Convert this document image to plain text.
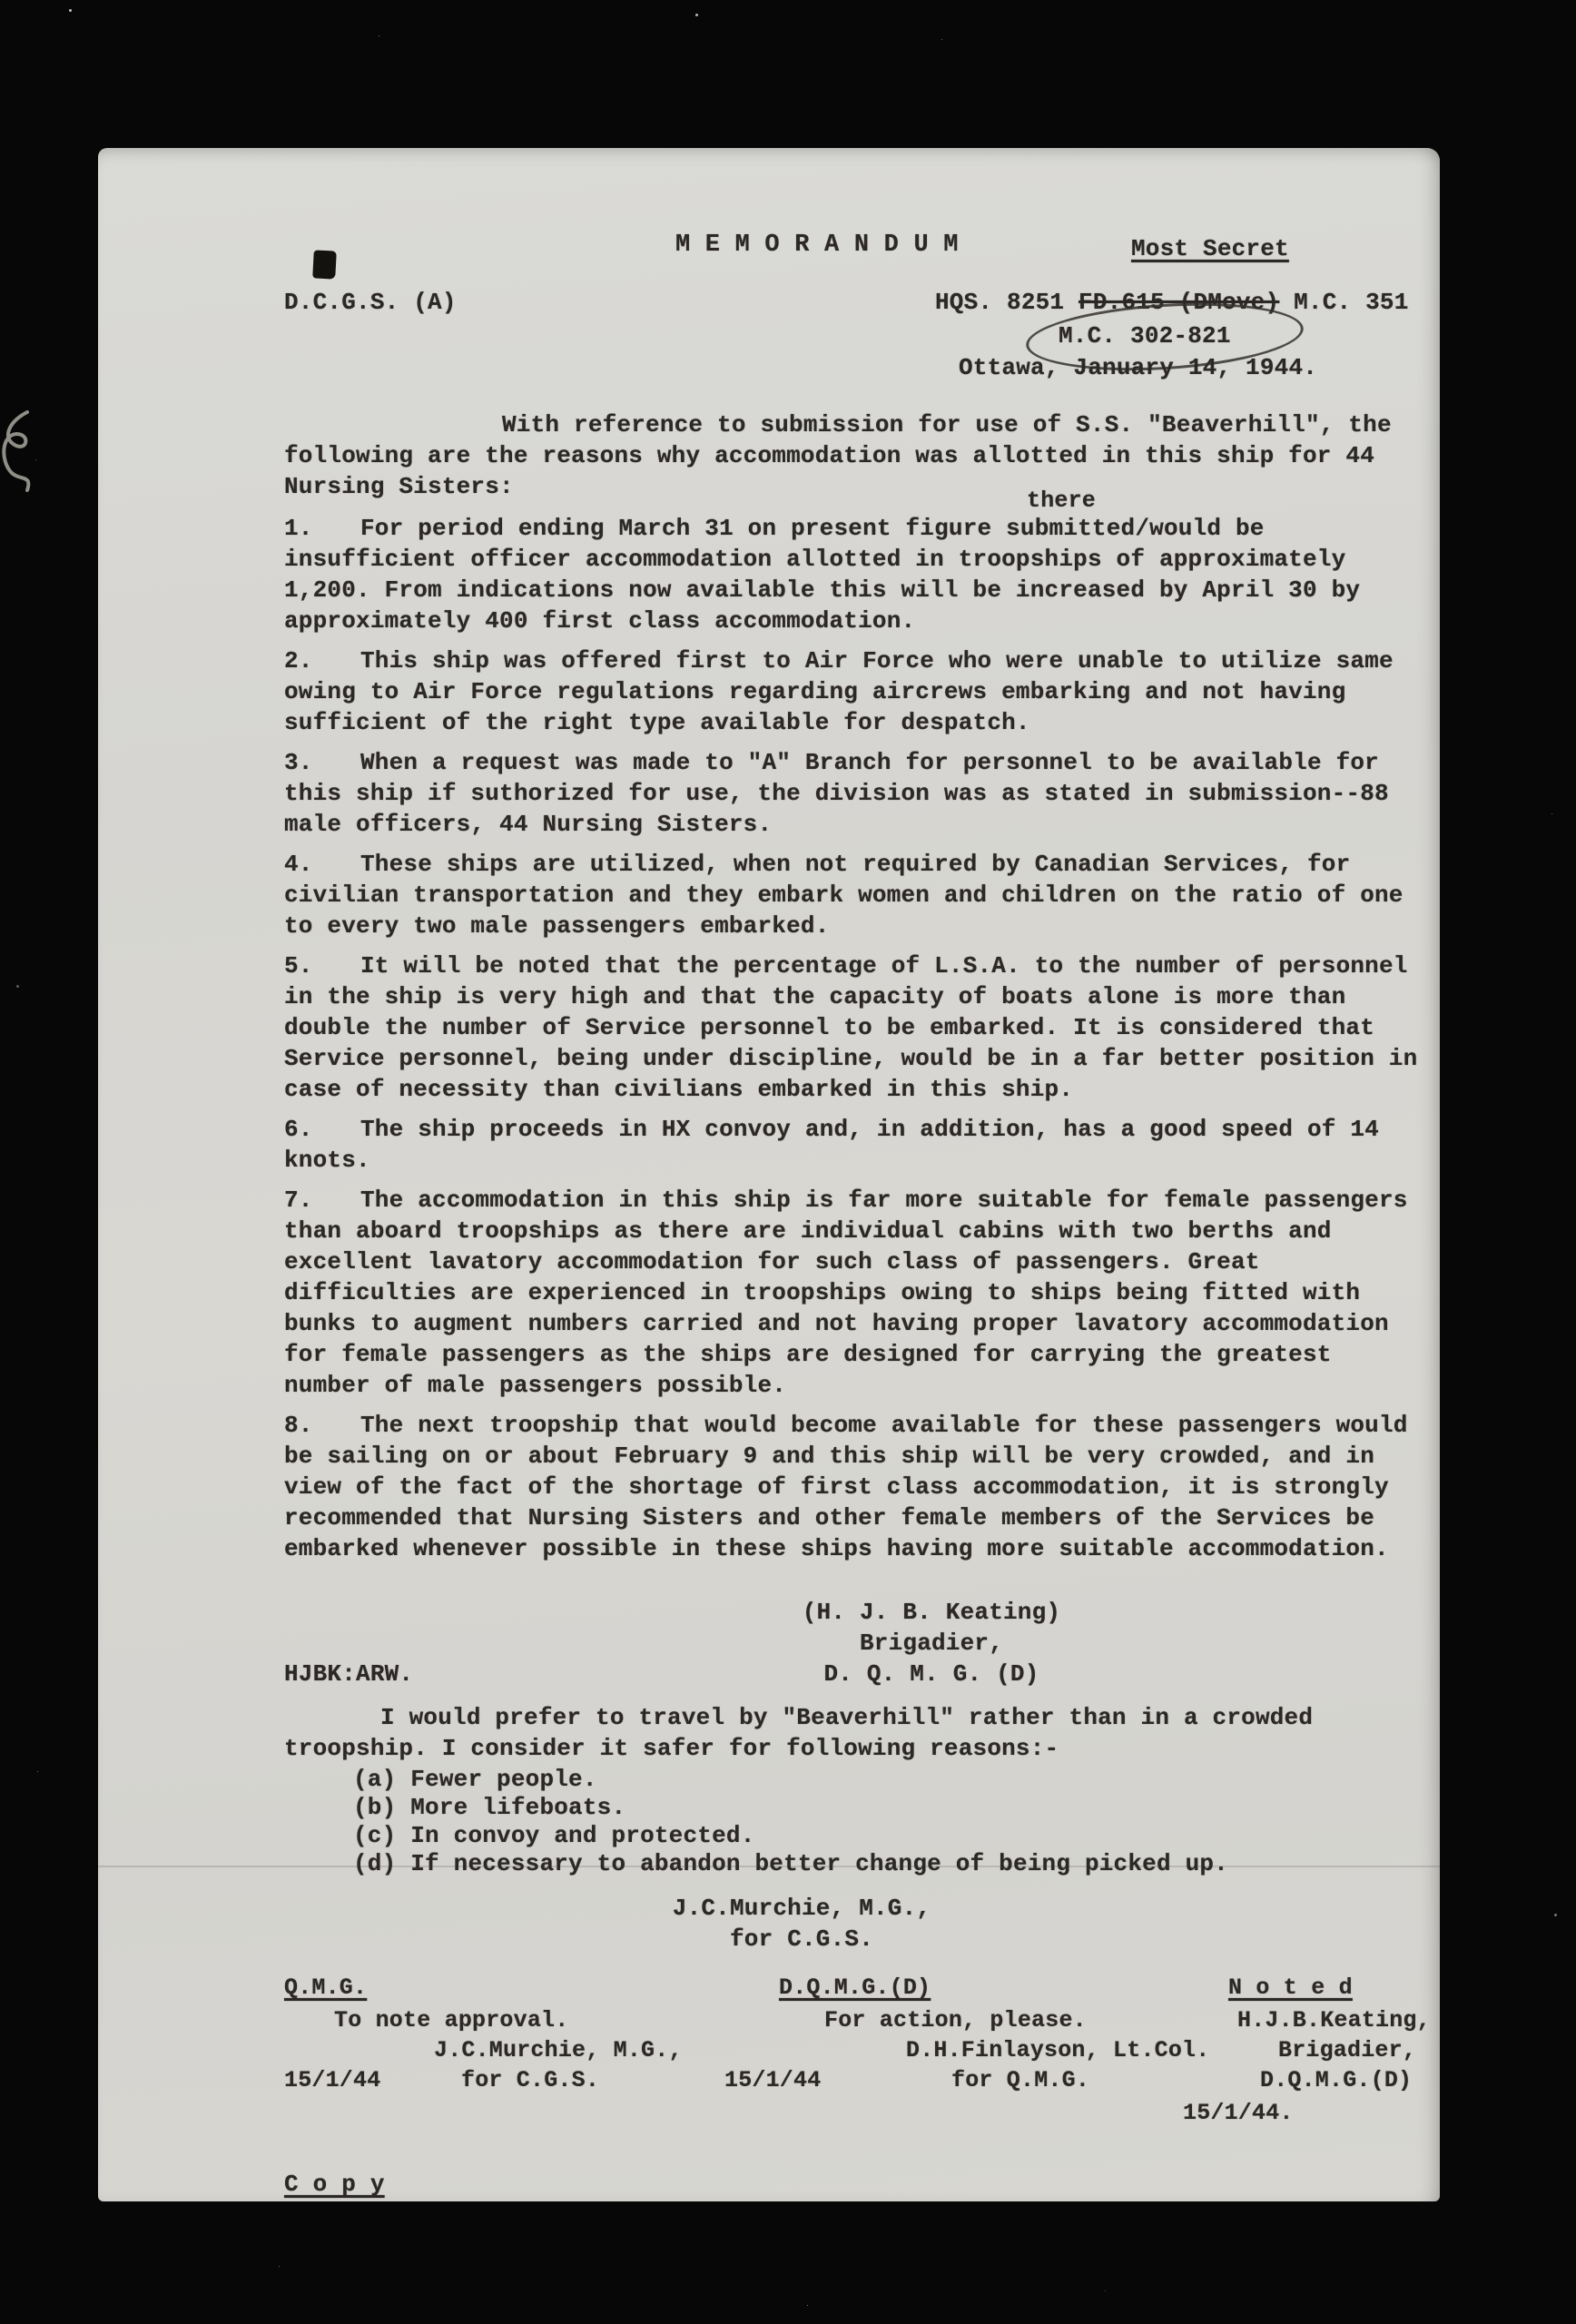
M E M O R A N D U M	Most Secret
D.C.G.S. (A)	HQS. 8251 FD.615 (DMove) M.C. 351
M.C. 302-821
Ottawa, January 14, 1944.

With reference to submission for use of S.S. "Beaverhill", the following are the reasons why accommodation was allotted in this ship for 44 Nursing Sisters:

there
1. For period ending March 31 on present figure submitted/would be insufficient officer accommodation allotted in troopships of approximately 1,200. From indications now available this will be increased by April 30 by approximately 400 first class accommodation.

2. This ship was offered first to Air Force who were unable to utilize same owing to Air Force regulations regarding aircrews embarking and not having sufficient of the right type available for despatch.

3. When a request was made to "A" Branch for personnel to be available for this ship if suthorized for use, the division was as stated in submission--88 male officers, 44 Nursing Sisters.

4. These ships are utilized, when not required by Canadian Services, for civilian transportation and they embark women and children on the ratio of one to every two male passengers embarked.

5. It will be noted that the percentage of L.S.A. to the number of personnel in the ship is very high and that the capacity of boats alone is more than double the number of Service personnel to be embarked. It is considered that Service personnel, being under discipline, would be in a far better position in case of necessity than civilians embarked in this ship.

6. The ship proceeds in HX convoy and, in addition, has a good speed of 14 knots.

7. The accommodation in this ship is far more suitable for female passengers than aboard troopships as there are individual cabins with two berths and excellent lavatory accommodation for such class of passengers. Great difficulties are experienced in troopships owing to ships being fitted with bunks to augment numbers carried and not having proper lavatory accommodation for female passengers as the ships are designed for carrying the greatest number of male passengers possible.

8. The next troopship that would become available for these passengers would be sailing on or about February 9 and this ship will be very crowded, and in view of the fact of the shortage of first class accommodation, it is strongly recommended that Nursing Sisters and other female members of the Services be embarked whenever possible in these ships having more suitable accommodation.

(H. J. B. Keating)
Brigadier,
D. Q. M. G. (D)
HJBK:ARW.

I would prefer to travel by "Beaverhill" rather than in a crowded troopship. I consider it safer for following reasons:-

(a) Fewer people.
(b) More lifeboats.
(c) In convoy and protected.
(d) If necessary to abandon better change of being picked up.
J.C.Murchie, M.G.,
for C.G.S.
Q.M.G.	D.Q.M.G.(D)	N o t e d
To note approval.	For action, please.	H.J.B.Keating,
J.C.Murchie, M.G.,	D.H.Finlayson, Lt.Col.	Brigadier,
15/1/44	for C.G.S.	15/1/44	for Q.M.G.	D.Q.M.G.(D)
15/1/44.
C o p y
